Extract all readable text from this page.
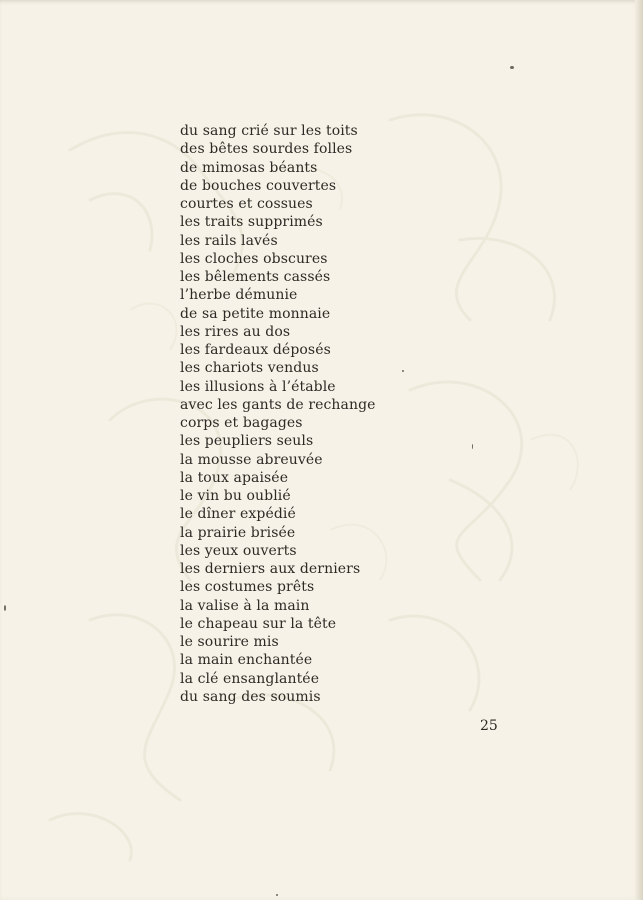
du sang crié sur les toits
des bêtes sourdes folles
de mimosas béants
de bouches couvertes
courtes et cossues
les traits supprimés
les rails lavés
les cloches obscures
les bêlements cassés
l’herbe démunie
de sa petite monnaie
les rires au dos
les fardeaux déposés
les chariots vendus
les illusions à l’étable
avec les gants de rechange
corps et bagages
les peupliers seuls
la mousse abreuvée
la toux apaisée
le vin bu oublié
le dîner expédié
la prairie brisée
les yeux ouverts
les derniers aux derniers
les costumes prêts
la valise à la main
le chapeau sur la tête
le sourire mis
la main enchantée
la clé ensanglantée
du sang des soumis
25
